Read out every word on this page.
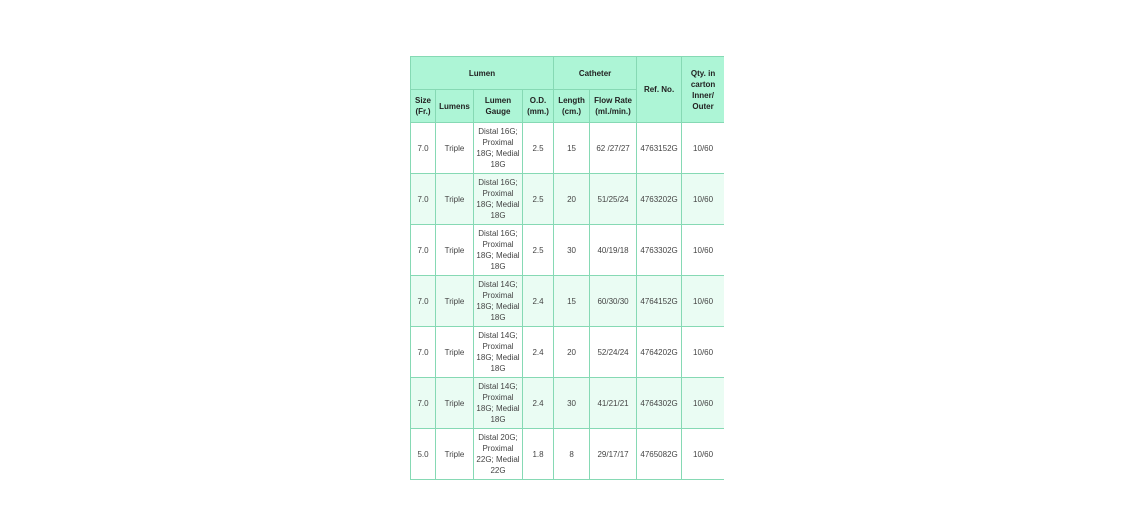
Lumen				Catheter		Ref. No.	Qty. in carton Inner/ Outer
Size (Fr.)	Lumens	Lumen Gauge	O.D. (mm.)	Length (cm.)	Flow Rate (ml./min.)		
7.0	Triple	Distal 16G; Proximal 18G; Medial 18G	2.5	15	62 /27/27	4763152G	10/60
7.0	Triple	Distal 16G; Proximal 18G; Medial 18G	2.5	20	51/25/24	4763202G	10/60
7.0	Triple	Distal 16G; Proximal 18G; Medial 18G	2.5	30	40/19/18	4763302G	10/60
7.0	Triple	Distal 14G; Proximal 18G; Medial 18G	2.4	15	60/30/30	4764152G	10/60
7.0	Triple	Distal 14G; Proximal 18G; Medial 18G	2.4	20	52/24/24	4764202G	10/60
7.0	Triple	Distal 14G; Proximal 18G; Medial 18G	2.4	30	41/21/21	4764302G	10/60
5.0	Triple	Distal 20G; Proximal 22G; Medial 22G	1.8	8	29/17/17	4765082G	10/60
